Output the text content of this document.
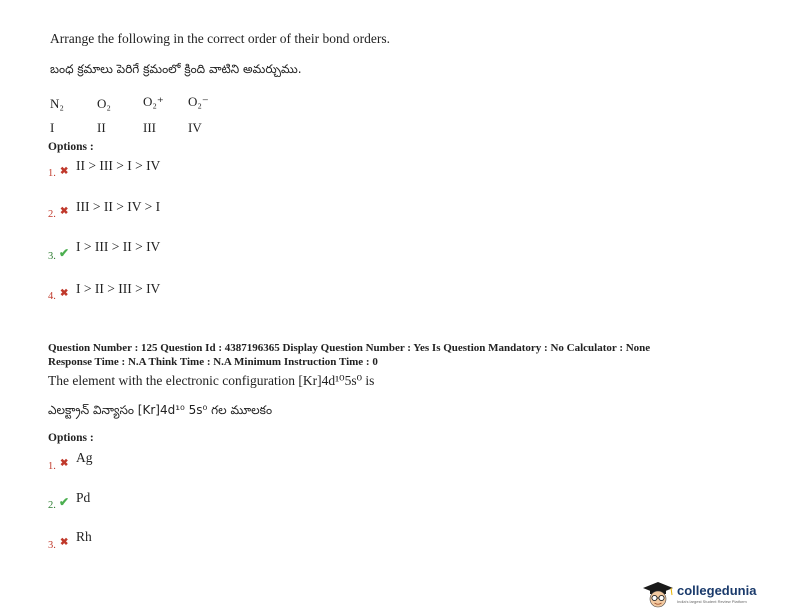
Arrange the following in the correct order of their bond orders.
బంధ క్రమాలు పెరిగే క్రమంలో క్రింది వాటిని అమర్చుము.
N₂	O₂ O₂⁺ O₂⁻
I	II	III IV
Options :
1. ✖ II > III > I > IV
2. ✖ III > II > IV > I
3. ✔ I > III > II > IV
4. ✖ I > II > III > IV
Question Number : 125 Question Id : 4387196365 Display Question Number : Yes Is Question Mandatory : No Calculator : None
Response Time : N.A Think Time : N.A Minimum Instruction Time : 0
The element with the electronic configuration [Kr]4d¹⁰5s⁰ is
ఎలక్ట్రాన్ విన్యాసం [Kr]4d¹⁰ 5s⁰ గల మూలకం
Options :
1. ✖ Ag
2. ✔ Pd
3. ✖ Rh
collegedunia
India's largest Student Review Platform
